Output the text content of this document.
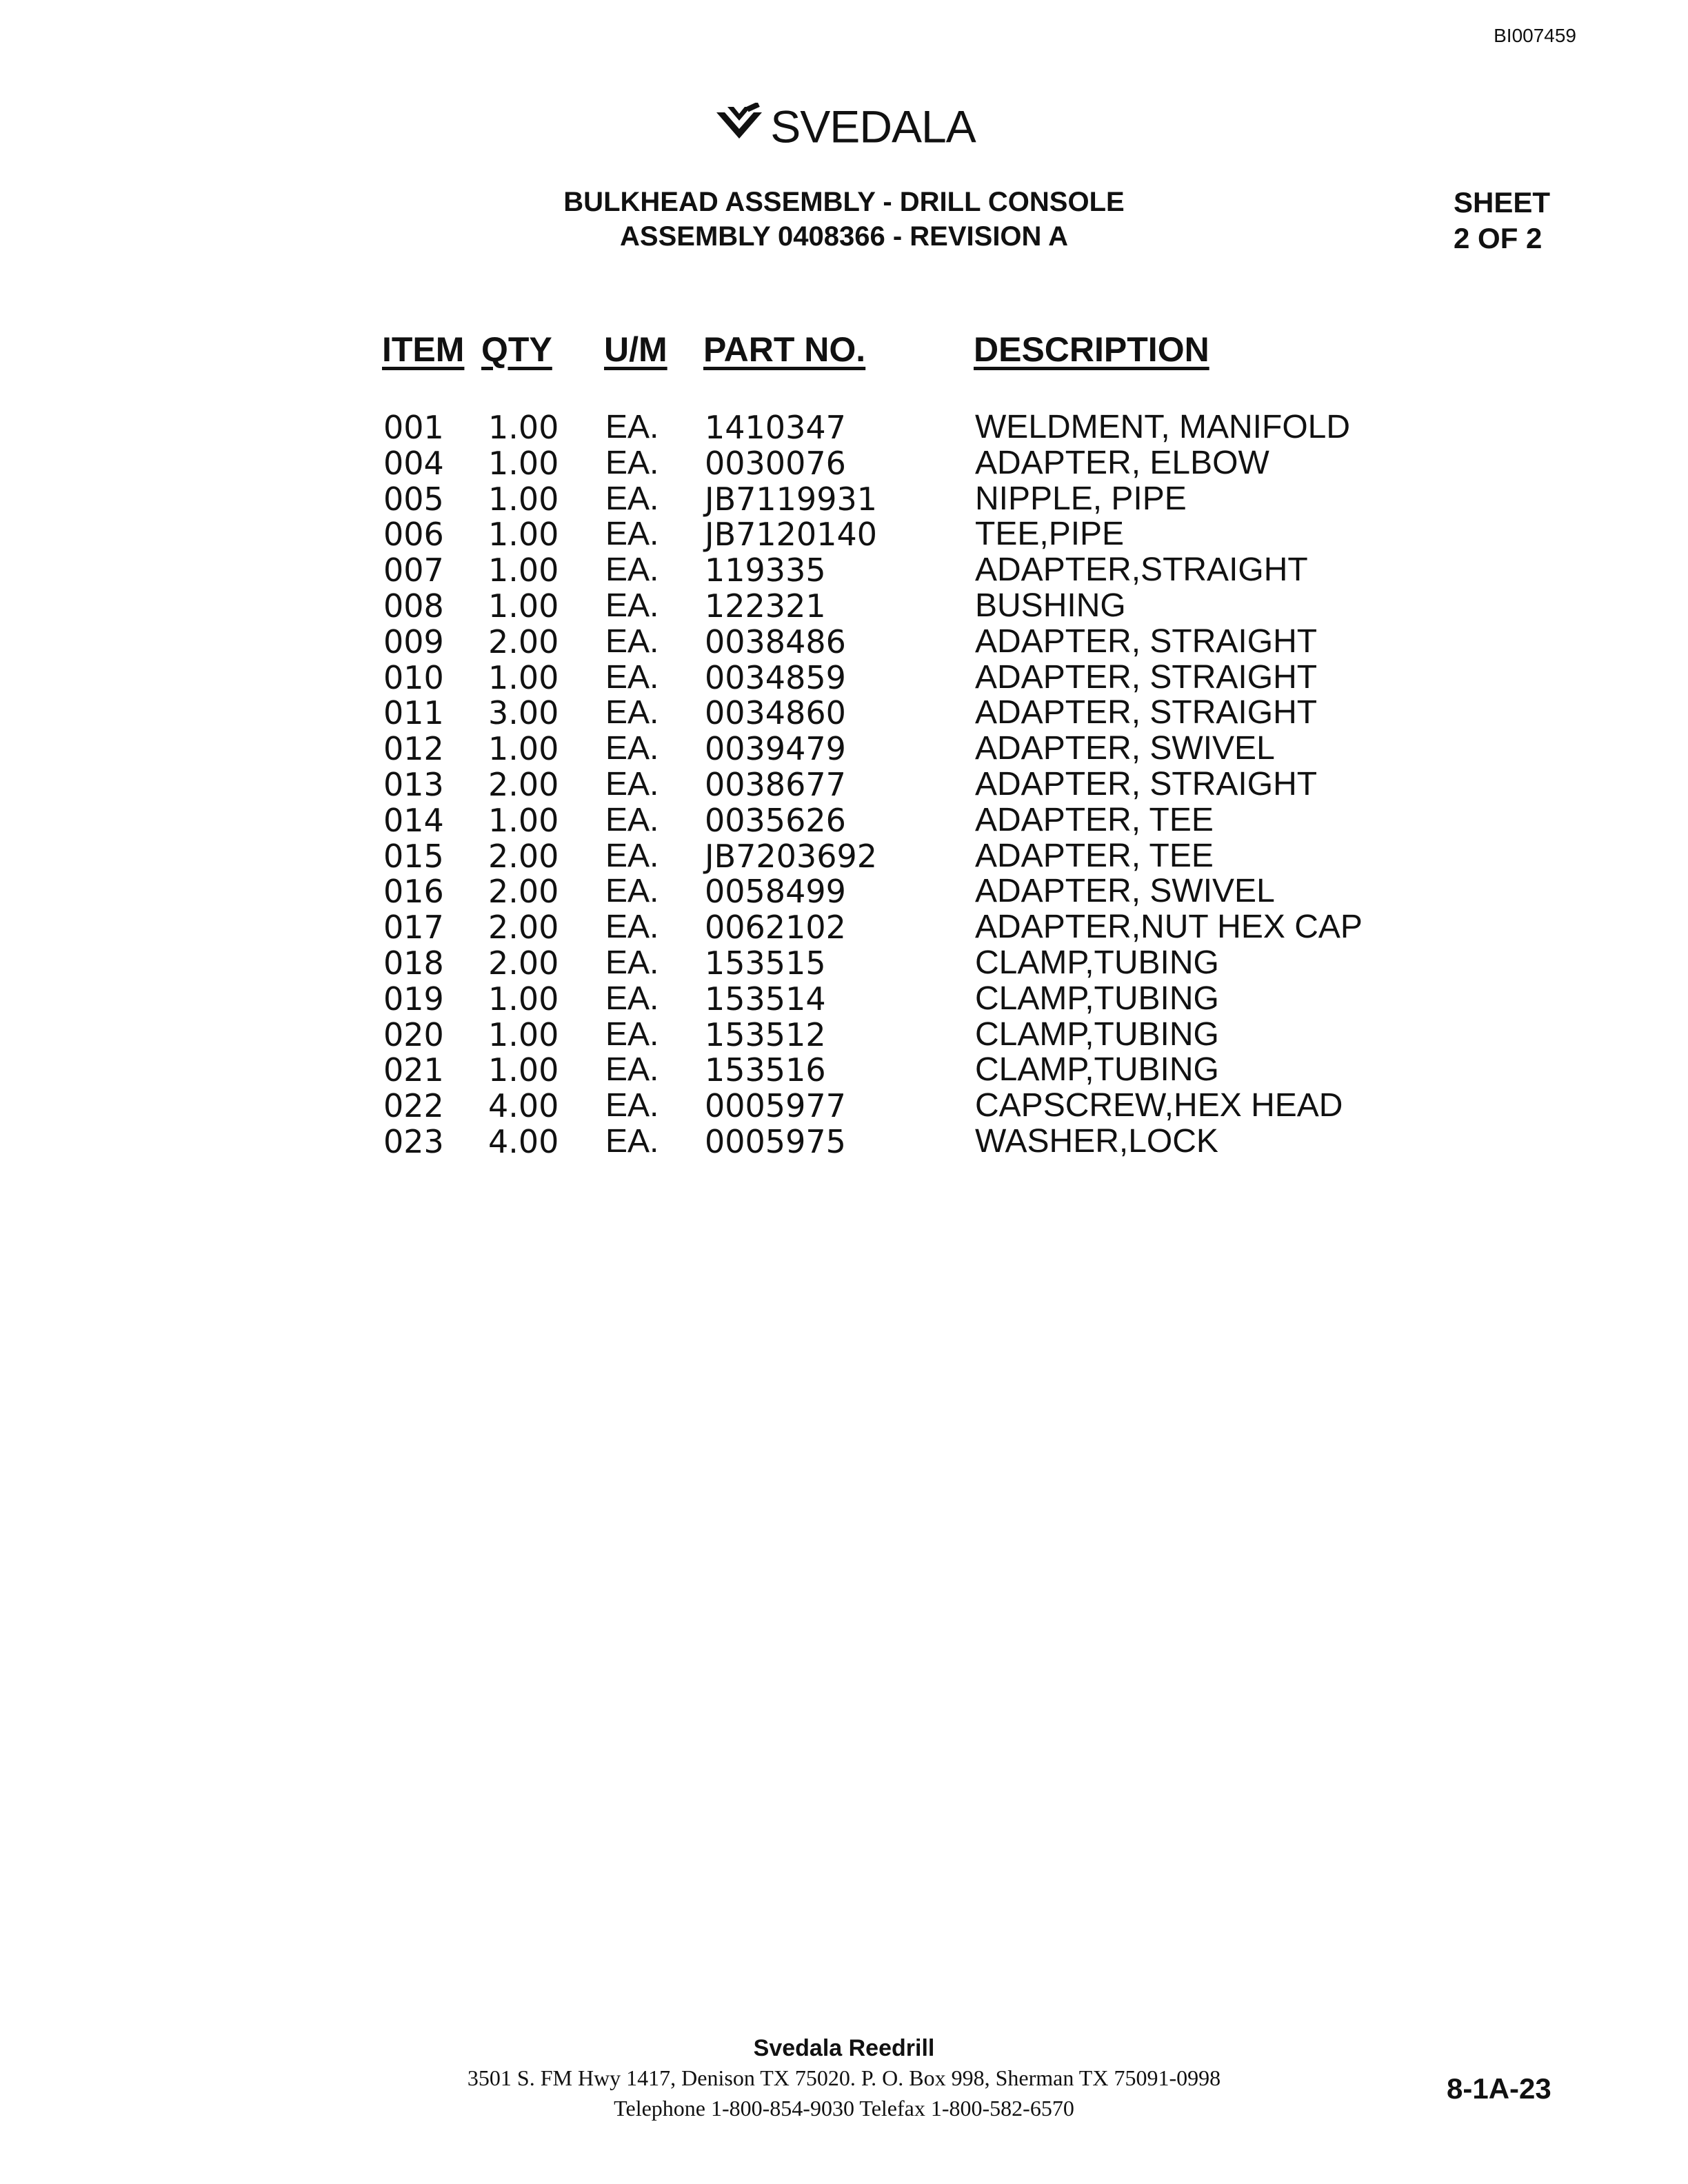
BI007459
SVEDALA
BULKHEAD ASSEMBLY - DRILL CONSOLE
ASSEMBLY 0408366 - REVISION A
SHEET
2 OF 2
ITEM QTY U/M PART NO.	DESCRIPTION
001 1.00 EA. 1410347	WELDMENT, MANIFOLD
004 1.00 EA. 0030076	ADAPTER, ELBOW
005 1.00 EA. JB7119931	NIPPLE, PIPE
006 1.00 EA. JB7120140	TEE,PIPE
007 1.00 EA. 119335	ADAPTER,STRAIGHT
008 1.00 EA. 122321	BUSHING
009 2.00 EA. 0038486	ADAPTER, STRAIGHT
010 1.00 EA. 0034859	ADAPTER, STRAIGHT
011 3.00 EA. 0034860	ADAPTER, STRAIGHT
012 1.00 EA. 0039479	ADAPTER, SWIVEL
013 2.00 EA. 0038677	ADAPTER, STRAIGHT
014 1.00 EA. 0035626	ADAPTER, TEE
015 2.00 EA. JB7203692	ADAPTER, TEE
016 2.00 EA. 0058499	ADAPTER, SWIVEL
017 2.00 EA. 0062102	ADAPTER,NUT HEX CAP
018 2.00 EA. 153515	CLAMP,TUBING
019 1.00 EA. 153514	CLAMP,TUBING
020 1.00 EA. 153512	CLAMP,TUBING
021 1.00 EA. 153516	CLAMP,TUBING
022 4.00 EA. 0005977	CAPSCREW,HEX HEAD
023 4.00 EA. 0005975	WASHER,LOCK
Svedala Reedrill
3501 S. FM Hwy 1417, Denison TX 75020. P. O. Box 998, Sherman TX 75091-0998
Telephone 1-800-854-9030 Telefax 1-800-582-6570
8-1A-23
